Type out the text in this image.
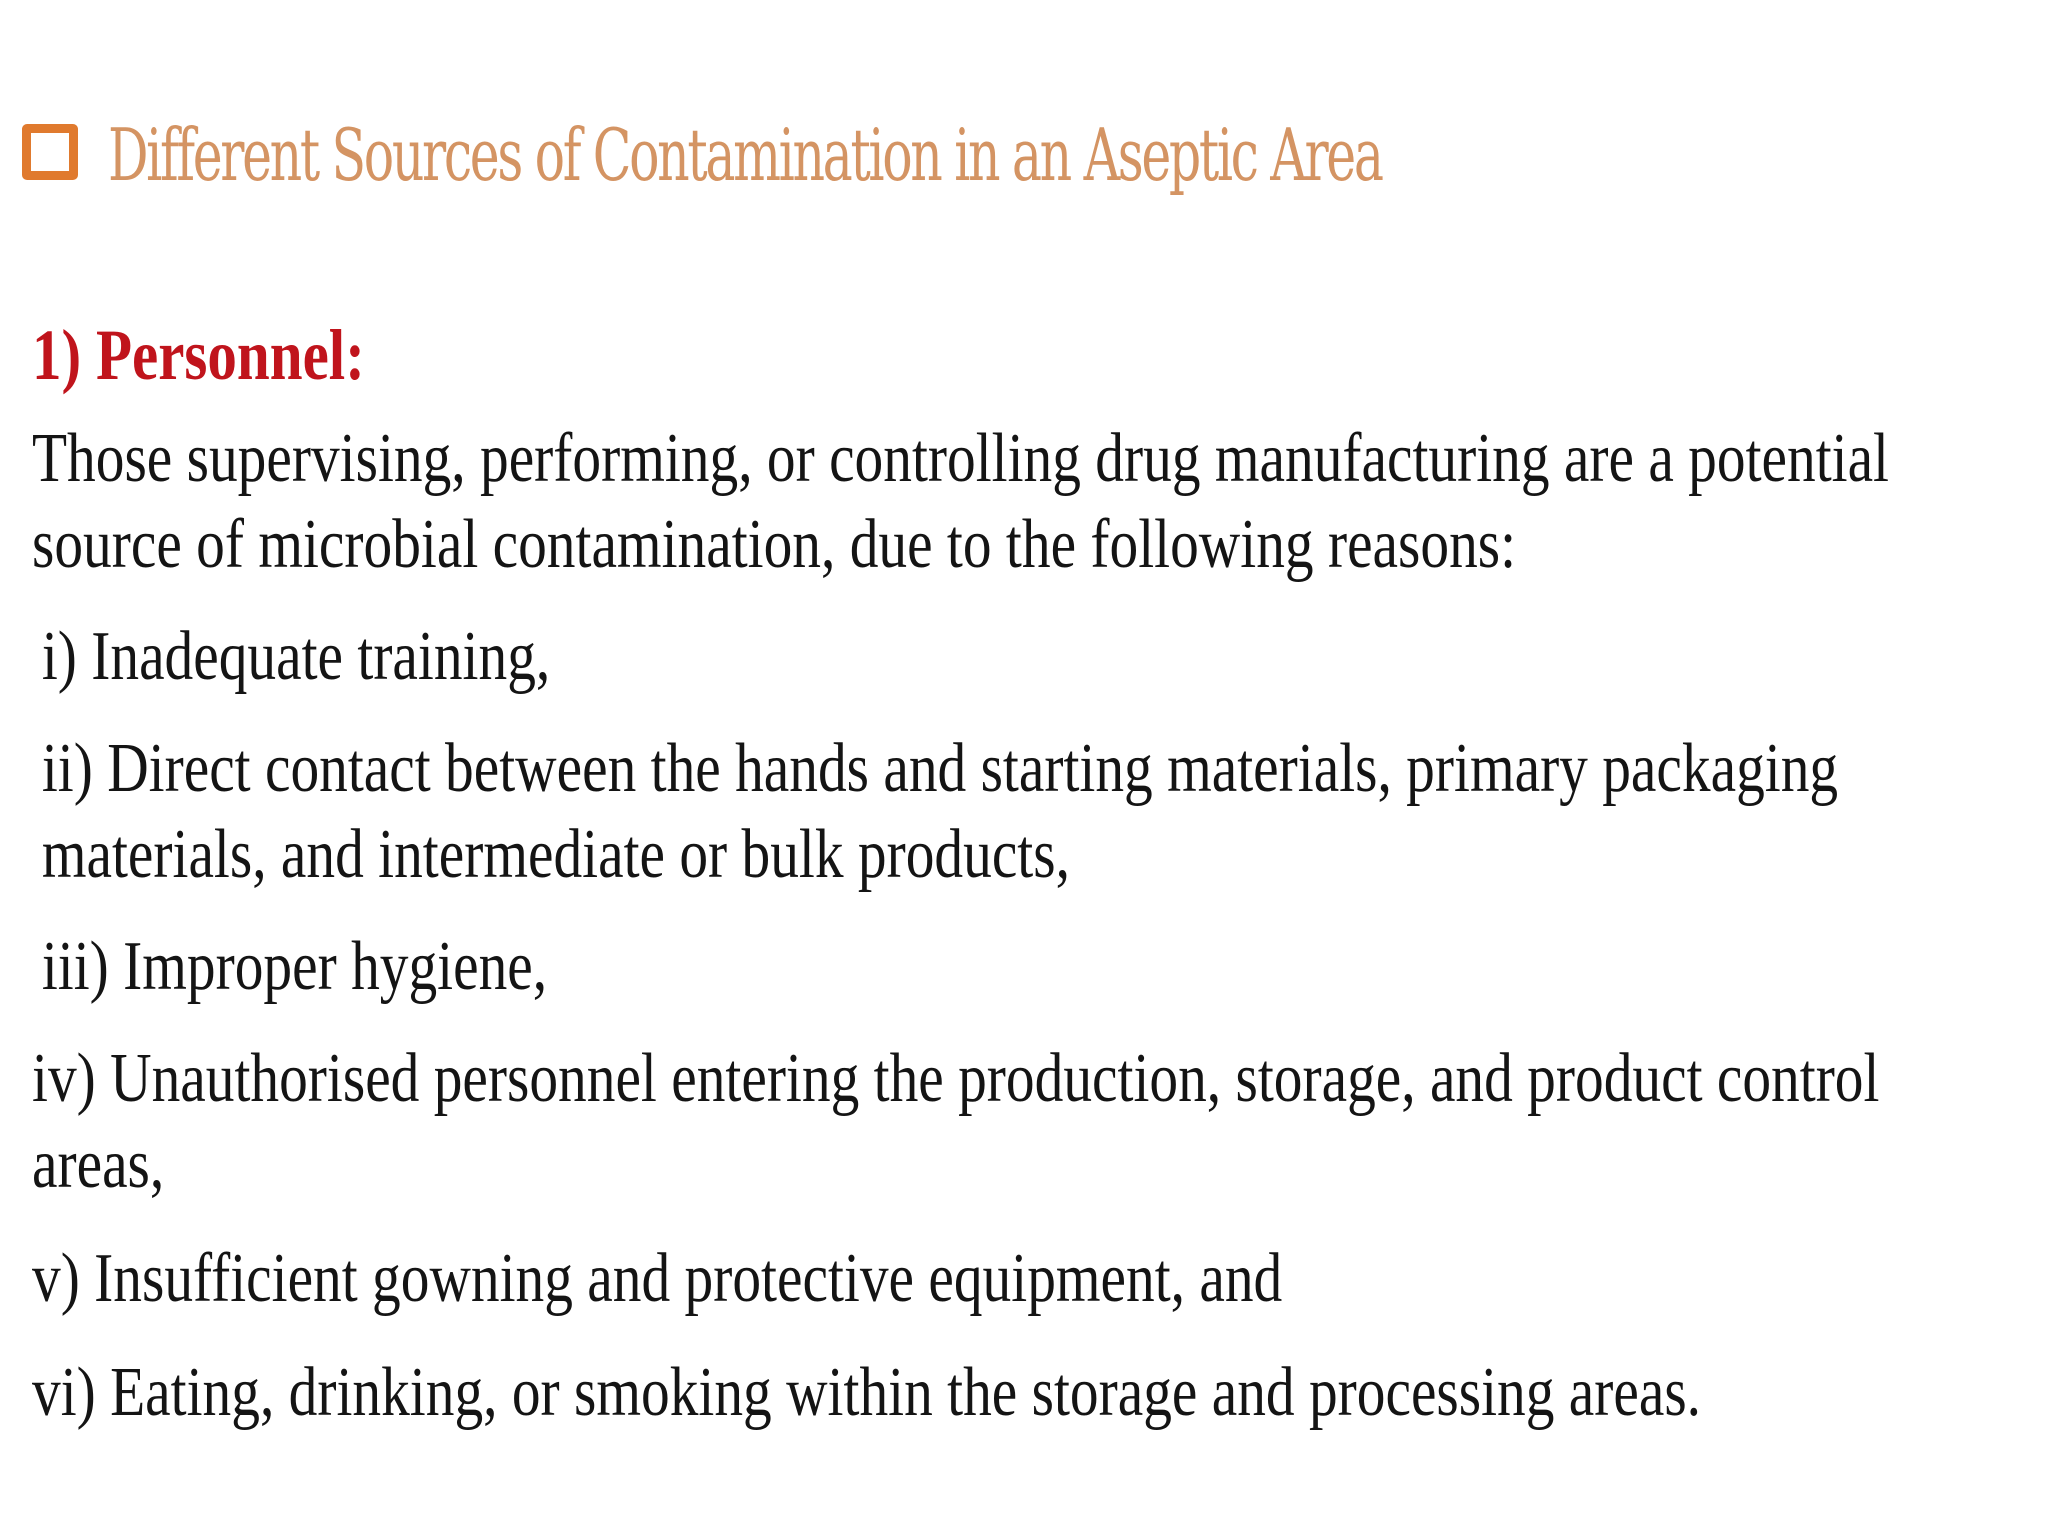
Different Sources of Contamination in an Aseptic Area
1) Personnel:
Those supervising, performing, or controlling drug manufacturing are a potential source of microbial contamination, due to the following reasons:
i) Inadequate training,
ii) Direct contact between the hands and starting materials, primary packaging materials, and intermediate or bulk products,
iii) Improper hygiene,
iv) Unauthorised personnel entering the production, storage, and product control areas,
v) Insufficient gowning and protective equipment, and
vi) Eating, drinking, or smoking within the storage and processing areas.
